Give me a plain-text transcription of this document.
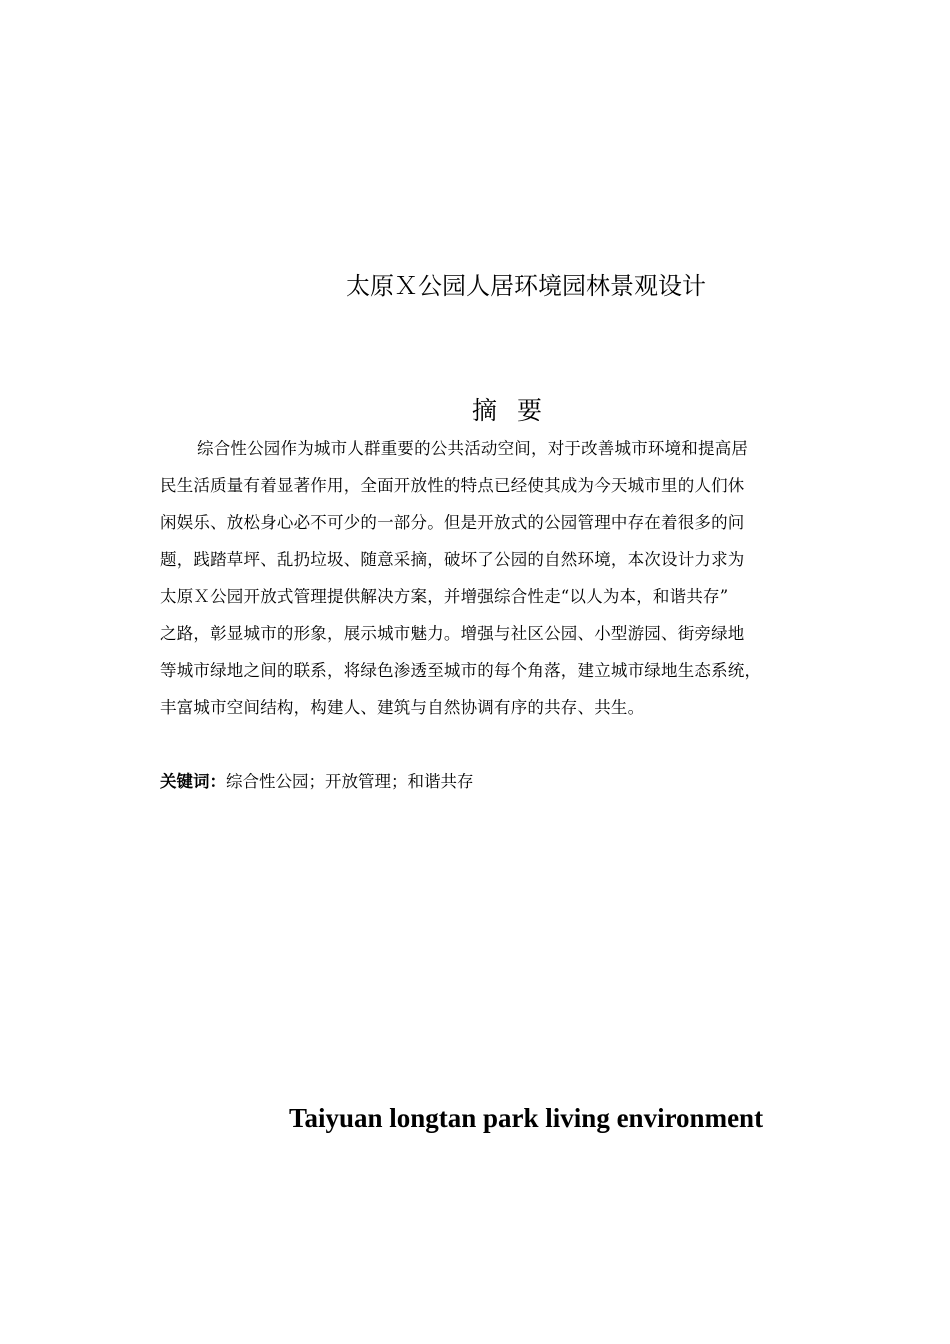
太原Ｘ公园人居环境园林景观设计
摘要
综合性公园作为城市人群重要的公共活动空间，对于改善城市环境和提高居
民生活质量有着显著作用，全面开放性的特点已经使其成为今天城市里的人们休
闲娱乐、放松身心必不可少的一部分。但是开放式的公园管理中存在着很多的问
题，践踏草坪、乱扔垃圾、随意采摘，破坏了公园的自然环境，本次设计力求为
太原Ｘ公园开放式管理提供解决方案，并增强综合性走“以人为本，和谐共存”
之路，彰显城市的形象，展示城市魅力。增强与社区公园、小型游园、街旁绿地
等城市绿地之间的联系，将绿色渗透至城市的每个角落，建立城市绿地生态系统，
丰富城市空间结构，构建人、建筑与自然协调有序的共存、共生。
关键词：综合性公园；开放管理；和谐共存
Taiyuan longtan park living environment
